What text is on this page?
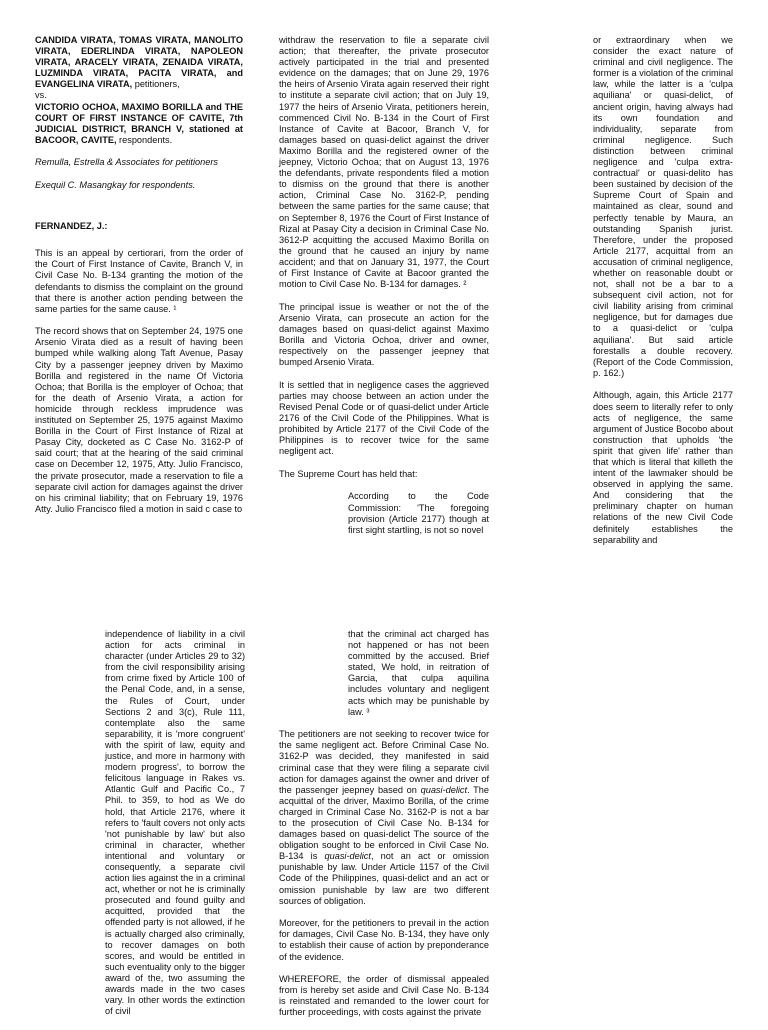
CANDIDA VIRATA, TOMAS VIRATA, MANOLITO VIRATA, EDERLINDA VIRATA, NAPOLEON VIRATA, ARACELY VIRATA, ZENAIDA VIRATA, LUZMINDA VIRATA, PACITA VIRATA, and EVANGELINA VIRATA, petitioners,
vs.
VICTORIO OCHOA, MAXIMO BORILLA and THE COURT OF FIRST INSTANCE OF CAVITE, 7th JUDICIAL DISTRICT, BRANCH V, stationed at BACOOR, CAVITE, respondents.

Remulla, Estrella & Associates for petitioners

Exequil C. Masangkay for respondents.

FERNANDEZ, J.:

This is an appeal by certiorari, from the order of the Court of First Instance of Cavite, Branch V, in Civil Case No. B-134 granting the motion of the defendants to dismiss the complaint on the ground that there is another action pending between the same parties for the same cause. ¹

The record shows that on September 24, 1975 one Arsenio Virata died as a result of having been bumped while walking along Taft Avenue, Pasay City by a passenger jeepney driven by Maximo Borilla and registered in the name Of Victoria Ochoa; that Borilla is the employer of Ochoa; that for the death of Arsenio Virata, a action for homicide through reckless imprudence was instituted on September 25, 1975 against Maximo Borilla in the Court of First Instance of Rizal at Pasay City, docketed as C Case No. 3162-P of said court; that at the hearing of the said criminal case on December 12, 1975, Atty. Julio Francisco, the private prosecutor, made a reservation to file a separate civil action for damages against the driver on his criminal liability; that on February 19, 1976 Atty. Julio Francisco filed a motion in said c case to

withdraw the reservation to file a separate civil action; that thereafter, the private prosecutor actively participated in the trial and presented evidence on the damages; that on June 29, 1976 the heirs of Arsenio Virata again reserved their right to institute a separate civil action; that on July 19, 1977 the heirs of Arsenio Virata, petitioners herein, commenced Civil No. B-134 in the Court of First Instance of Cavite at Bacoor, Branch V, for damages based on quasi-delict against the driver Maximo Borilla and the registered owner of the jeepney, Victorio Ochoa; that on August 13, 1976 the defendants, private respondents filed a motion to dismiss on the ground that there is another action, Criminal Case No. 3162-P, pending between the same parties for the same cause; that on September 8, 1976 the Court of First Instance of Rizal at Pasay City a decision in Criminal Case No. 3612-P acquitting the accused Maximo Borilla on the ground that he caused an injury by name accident; and that on January 31, 1977, the Court of First Instance of Cavite at Bacoor granted the motion to Civil Case No. B-134 for damages. ²

The principal issue is weather or not the of the Arsenio Virata, can prosecute an action for the damages based on quasi-delict against Maximo Borilla and Victoria Ochoa, driver and owner, respectively on the passenger jeepney that bumped Arsenio Virata.

It is settled that in negligence cases the aggrieved parties may choose between an action under the Revised Penal Code or of quasi-delict under Article 2176 of the Civil Code of the Philippines. What is prohibited by Article 2177 of the Civil Code of the Philippines is to recover twice for the same negligent act.

The Supreme Court has held that:

According to the Code Commission: 'The foregoing provision (Article 2177) though at first sight startling, is not so novel

or extraordinary when we consider the exact nature of criminal and civil negligence. The former is a violation of the criminal law, while the latter is a 'culpa aquiliana' or quasi-delict, of ancient origin, having always had its own foundation and individuality, separate from criminal negligence. Such distinction between criminal negligence and 'culpa extra-contractual' or quasi-delito has been sustained by decision of the Supreme Court of Spain and maintained as clear, sound and perfectly tenable by Maura, an outstanding Spanish jurist. Therefore, under the proposed Article 2177, acquittal from an accusation of criminal negligence, whether on reasonable doubt or not, shall not be a bar to a subsequent civil action, not for civil liability arising from criminal negligence, but for damages due to a quasi-delict or 'culpa aquiliana'. But said article forestalls a double recovery. (Report of the Code Commission, p. 162.)

Although, again, this Article 2177 does seem to literally refer to only acts of negligence, the same argument of Justice Bocobo about construction that upholds 'the spirit that given life' rather than that which is literal that killeth the intent of the lawmaker should be observed in applying the same. And considering that the preliminary chapter on human relations of the new Civil Code definitely establishes the separability and

independence of liability in a civil action for acts criminal in character (under Articles 29 to 32) from the civil responsibility arising from crime fixed by Article 100 of the Penal Code, and, in a sense, the Rules of Court, under Sections 2 and 3(c), Rule 111, contemplate also the same separability, it is 'more congruent' with the spirit of law, equity and justice, and more in harmony with modern progress', to borrow the felicitous language in Rakes vs. Atlantic Gulf and Pacific Co., 7 Phil. to 359, to hod as We do hold, that Article 2176, where it refers to 'fault covers not only acts 'not punishable by law' but also criminal in character, whether intentional and voluntary or consequently, a separate civil action lies against the in a criminal act, whether or not he is criminally prosecuted and found guilty and acquitted, provided that the offended party is not allowed, if he is actually charged also criminally, to recover damages on both scores, and would be entitled in such eventuality only to the bigger award of the, two assuming the awards made in the two cases vary. In other words the extinction of civil

that the criminal act charged has not happened or has not been committed by the accused. Brief stated, We hold, in reitration of Garcia, that culpa aquilina includes voluntary and negligent acts which may be punishable by law. ³

The petitioners are not seeking to recover twice for the same negligent act. Before Criminal Case No. 3162-P was decided, they manifested in said criminal case that they were filing a separate civil action for damages against the owner and driver of the passenger jeepney based on quasi-delict. The acquittal of the driver, Maximo Borilla, of the crime charged in Criminal Case No. 3162-P is not a bar to the prosecution of Civil Case No. B-134 for damages based on quasi-delict The source of the obligation sought to be enforced in Civil Case No. B-134 is quasi-delict, not an act or omission punishable by law. Under Article 1157 of the Civil Code of the Philippines, quasi-delict and an act or omission punishable by law are two different sources of obligation.

Moreover, for the petitioners to prevail in the action for damages, Civil Case No. B-134, they have only to establish their cause of action by preponderance of the evidence.

WHEREFORE, the order of dismissal appealed from is hereby set aside and Civil Case No. B-134 is reinstated and remanded to the lower court for further proceedings, with costs against the private
